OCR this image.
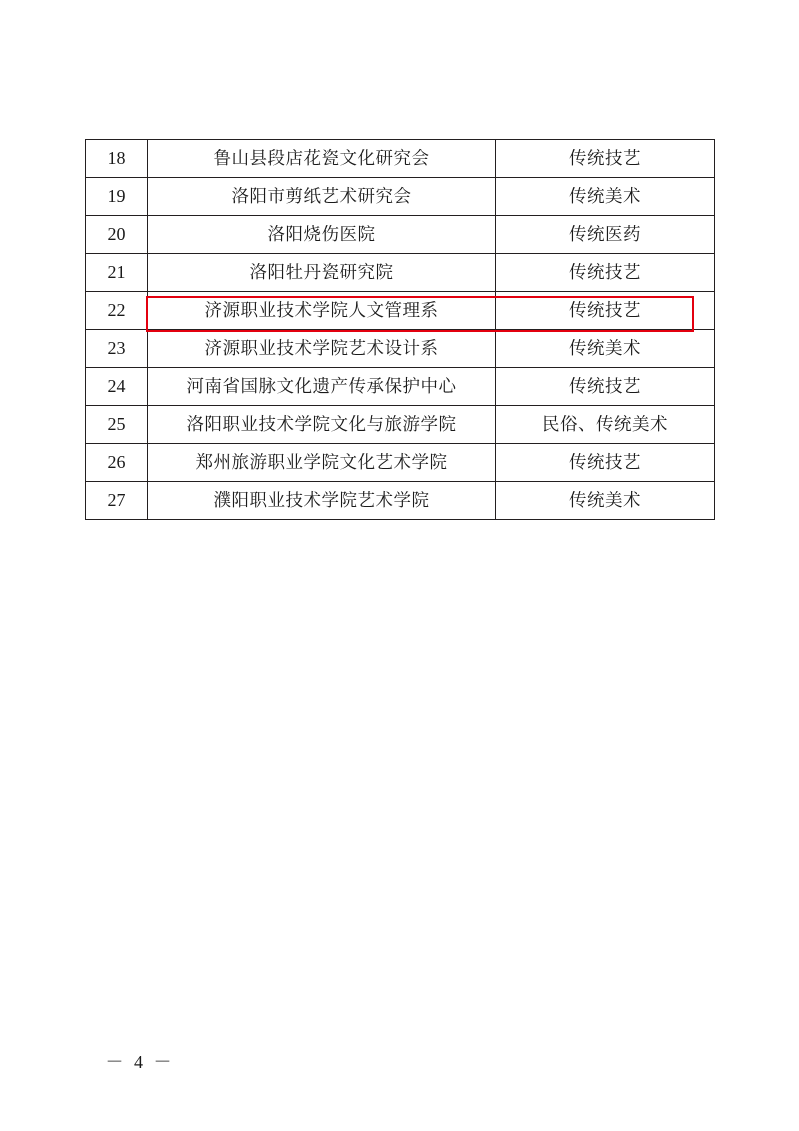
18	鲁山县段店花瓷文化研究会	传统技艺
19	洛阳市剪纸艺术研究会	传统美术
20	洛阳烧伤医院	传统医药
21	洛阳牡丹瓷研究院	传统技艺
22	济源职业技术学院人文管理系	传统技艺
23	济源职业技术学院艺术设计系	传统美术
24	河南省国脉文化遗产传承保护中心	传统技艺
25	洛阳职业技术学院文化与旅游学院	民俗、传统美术
26	郑州旅游职业学院文化艺术学院	传统技艺
27	濮阳职业技术学院艺术学院	传统美术
－ 4 －
